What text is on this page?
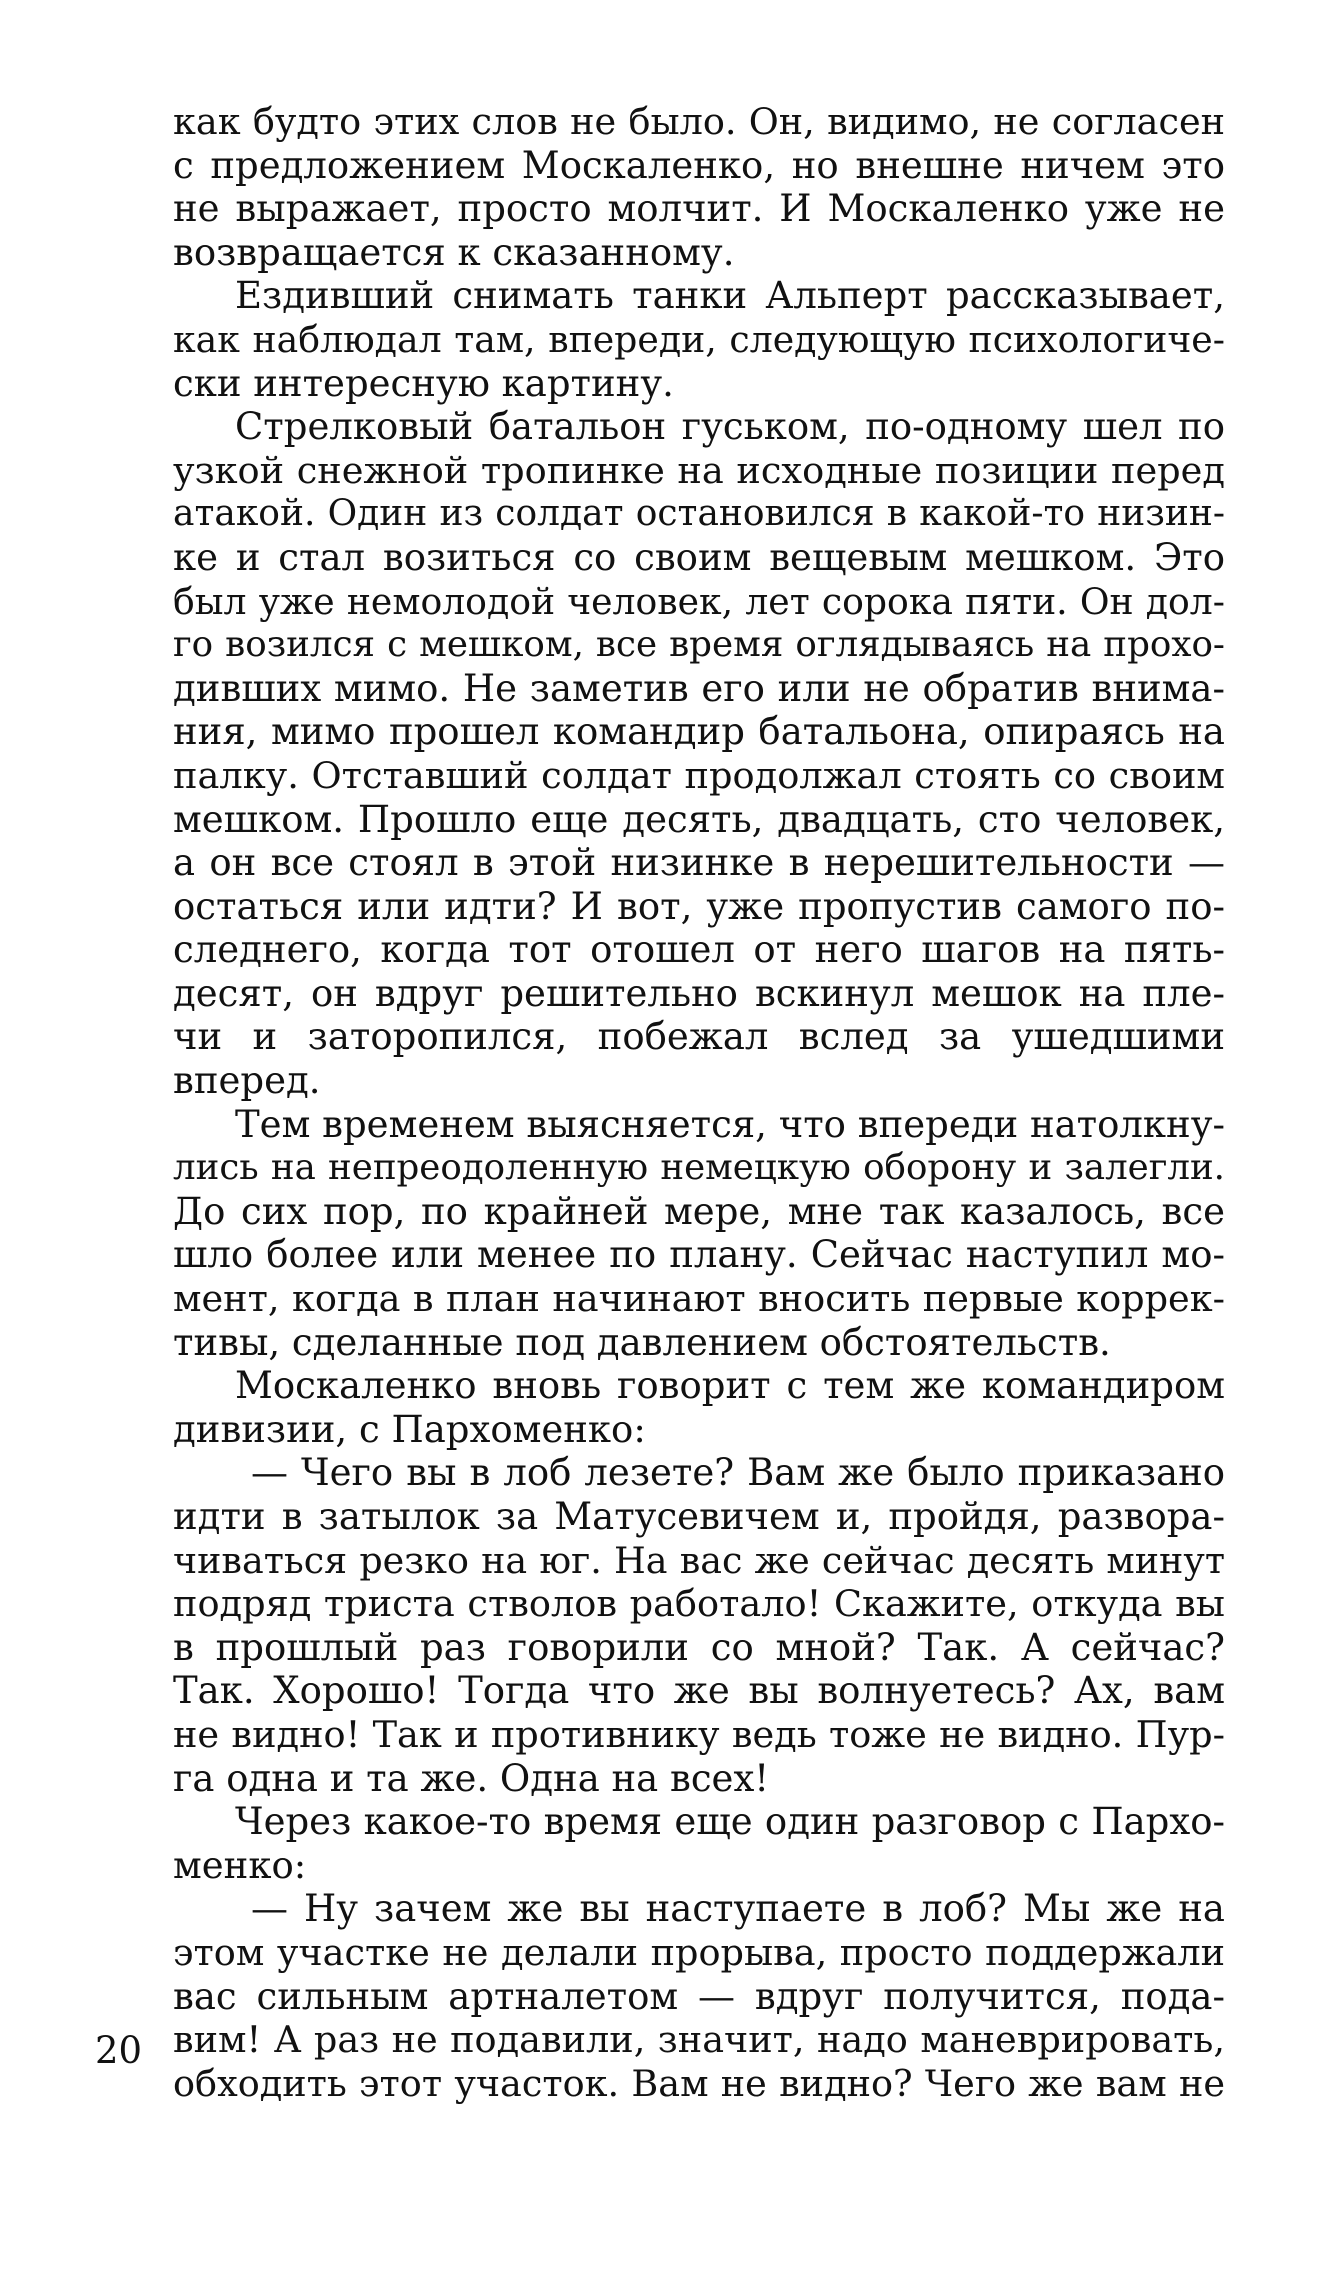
как будто этих слов не было. Он, видимо, не согласен
с предложением Москаленко, но внешне ничем это
не выражает, просто молчит. И Москаленко уже не
возвращается к сказанному.
Ездивший снимать танки Альперт рассказывает,
как наблюдал там, впереди, следующую психологиче-
ски интересную картину.
Стрелковый батальон гуськом, по-одному шел по
узкой снежной тропинке на исходные позиции перед
атакой. Один из солдат остановился в какой-то низин-
ке и стал возиться со своим вещевым мешком. Это
был уже немолодой человек, лет сорока пяти. Он дол-
го возился с мешком, все время оглядываясь на прохо-
дивших мимо. Не заметив его или не обратив внима-
ния, мимо прошел командир батальона, опираясь на
палку. Отставший солдат продолжал стоять со своим
мешком. Прошло еще десять, двадцать, сто человек,
а он все стоял в этой низинке в нерешительности —
остаться или идти? И вот, уже пропустив самого по-
следнего, когда тот отошел от него шагов на пять-
десят, он вдруг решительно вскинул мешок на пле-
чи и заторопился, побежал вслед за ушедшими
вперед.
Тем временем выясняется, что впереди натолкну-
лись на непреодоленную немецкую оборону и залегли.
До сих пор, по крайней мере, мне так казалось, все
шло более или менее по плану. Сейчас наступил мо-
мент, когда в план начинают вносить первые коррек-
тивы, сделанные под давлением обстоятельств.
Москаленко вновь говорит с тем же командиром
дивизии, с Пархоменко:
— Чего вы в лоб лезете? Вам же было приказано
идти в затылок за Матусевичем и, пройдя, развора-
чиваться резко на юг. На вас же сейчас десять минут
подряд триста стволов работало! Скажите, откуда вы
в прошлый раз говорили со мной? Так. А сейчас?
Так. Хорошо! Тогда что же вы волнуетесь? Ах, вам
не видно! Так и противнику ведь тоже не видно. Пур-
га одна и та же. Одна на всех!
Через какое-то время еще один разговор с Пархо-
менко:
— Ну зачем же вы наступаете в лоб? Мы же на
этом участке не делали прорыва, просто поддержали
вас сильным артналетом — вдруг получится, пода-
вим! А раз не подавили, значит, надо маневрировать,
обходить этот участок. Вам не видно? Чего же вам не
20
